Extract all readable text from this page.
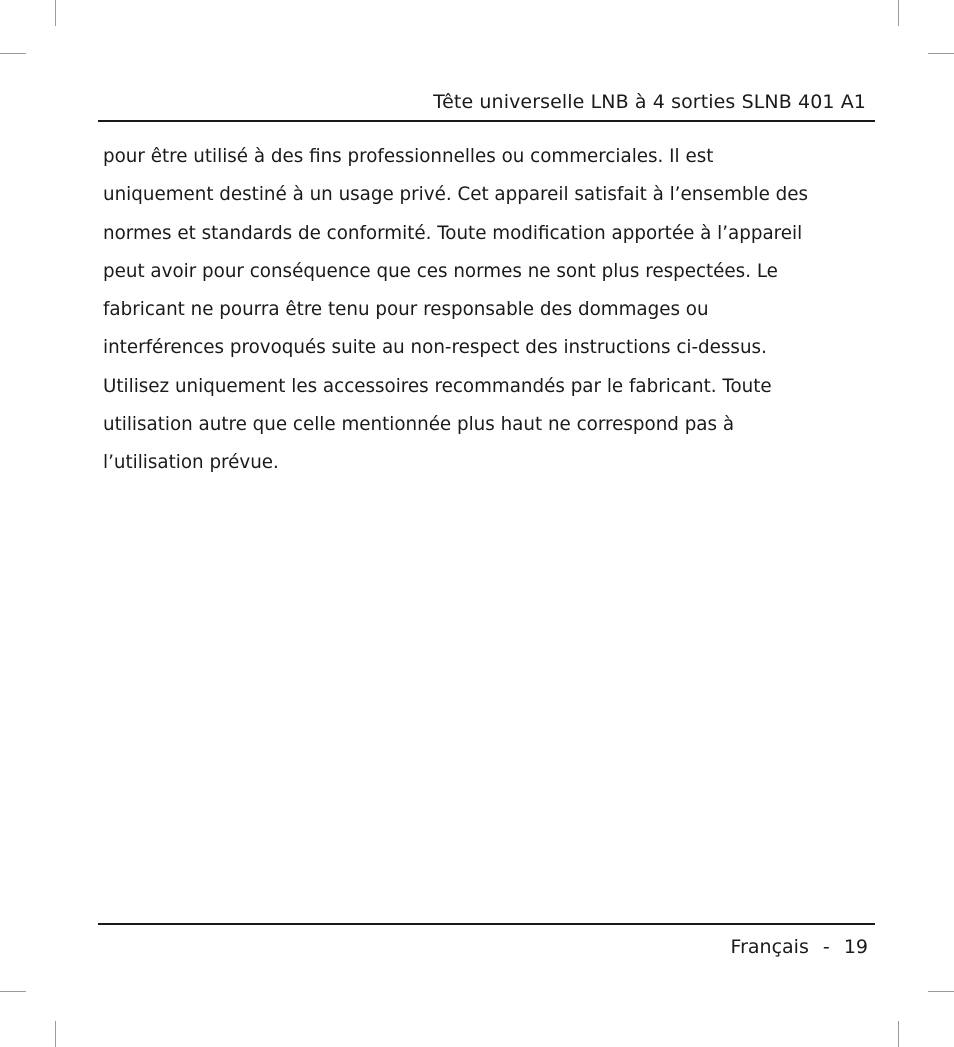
Tête universelle LNB à 4 sorties SLNB 401 A1

pour être utilisé à des fins professionnelles ou commerciales. Il est
uniquement destiné à un usage privé. Cet appareil satisfait à l’ensemble des
normes et standards de conformité. Toute modification apportée à l’appareil
peut avoir pour conséquence que ces normes ne sont plus respectées. Le
fabricant ne pourra être tenu pour responsable des dommages ou
interférences provoqués suite au non-respect des instructions ci-dessus.
Utilisez uniquement les accessoires recommandés par le fabricant. Toute
utilisation autre que celle mentionnée plus haut ne correspond pas à
l’utilisation prévue.

Français - 19
